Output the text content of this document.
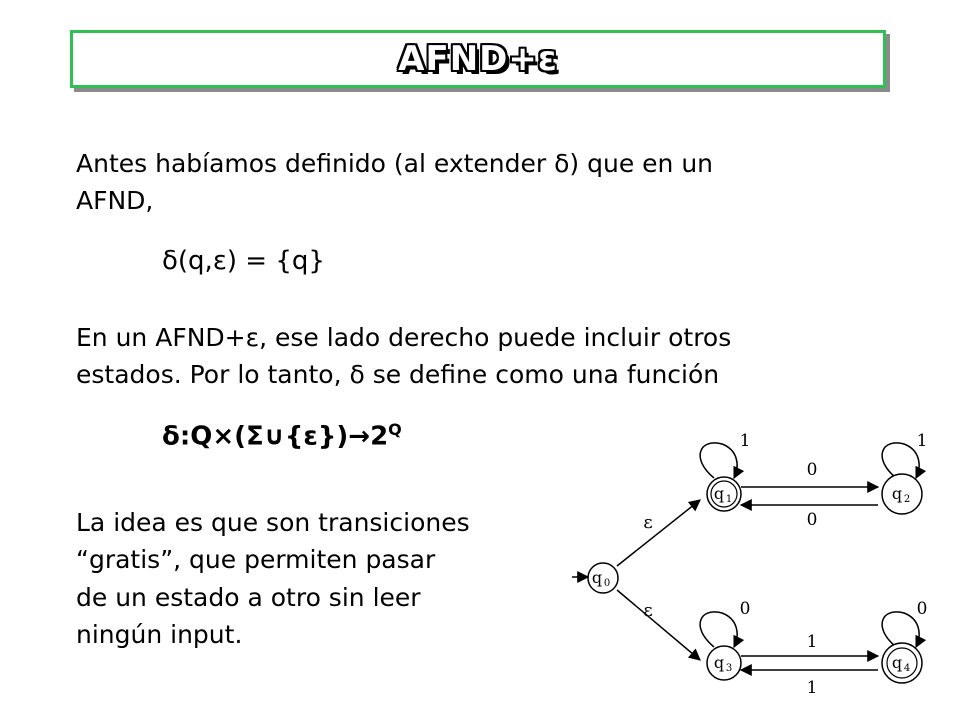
AFND+ε
Antes habíamos definido (al extender δ) que en un
AFND,
δ(q,ε) = {q}
En un AFND+ε, ese lado derecho puede incluir otros
estados. Por lo tanto, δ se define como una función
$\delta:Q\times(\Sigma\cup\{\varepsilon\})\to 2^Q$
La idea es que son transiciones
“gratis”, que permiten pasar
de un estado a otro sin leer
ningún input.
q 0
q 1	q 2
q 3	q 4
1	1
0
0
ε
ε	0	0
1
1
